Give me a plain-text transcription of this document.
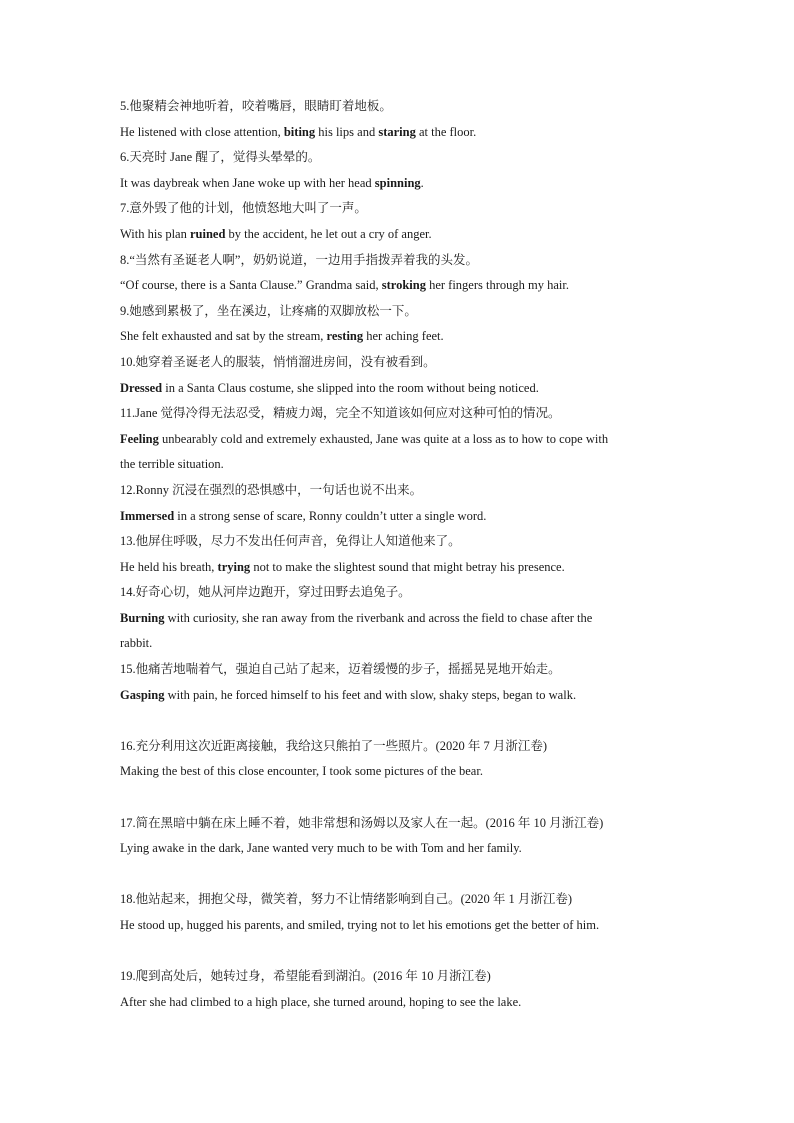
5.他聚精会神地听着，咬着嘴唇，眼睛盯着地板。
He listened with close attention, biting his lips and staring at the floor.
6.天亮时 Jane 醒了，觉得头晕晕的。
It was daybreak when Jane woke up with her head spinning.
7.意外毁了他的计划，他愤怒地大叫了一声。
With his plan ruined by the accident, he let out a cry of anger.
8.“当然有圣诞老人啊”，奶奶说道，一边用手指拨弄着我的头发。
“Of course, there is a Santa Clause.” Grandma said, stroking her fingers through my hair.
9.她感到累极了，坐在溪边，让疼痛的双脚放松一下。
She felt exhausted and sat by the stream, resting her aching feet.
10.她穿着圣诞老人的服装，悄悄溜进房间，没有被看到。
Dressed in a Santa Claus costume, she slipped into the room without being noticed.
11.Jane 觉得冷得无法忍受，精疲力竭，完全不知道该如何应对这种可怕的情况。
Feeling unbearably cold and extremely exhausted, Jane was quite at a loss as to how to cope with
the terrible situation.
12.Ronny 沉浸在强烈的恐惧感中，一句话也说不出来。
Immersed in a strong sense of scare, Ronny couldn’t utter a single word.
13.他屏住呼吸，尽力不发出任何声音，免得让人知道他来了。
He held his breath, trying not to make the slightest sound that might betray his presence.
14.好奇心切，她从河岸边跑开，穿过田野去追兔子。
Burning with curiosity, she ran away from the riverbank and across the field to chase after the
rabbit.
15.他痛苦地喘着气，强迫自己站了起来，迈着缓慢的步子，摇摇晃晃地开始走。
Gasping with pain, he forced himself to his feet and with slow, shaky steps, began to walk.
16.充分利用这次近距离接触，我给这只熊拍了一些照片。(2020 年 7 月浙江卷)
Making the best of this close encounter, I took some pictures of the bear.
17.简在黑暗中躺在床上睡不着，她非常想和汤姆以及家人在一起。(2016 年 10 月浙江卷)
Lying awake in the dark, Jane wanted very much to be with Tom and her family.
18.他站起来，拥抱父母，微笑着，努力不让情绪影响到自己。(2020 年 1 月浙江卷)
He stood up, hugged his parents, and smiled, trying not to let his emotions get the better of him.
19.爬到高处后，她转过身，希望能看到湖泊。(2016 年 10 月浙江卷)
After she had climbed to a high place, she turned around, hoping to see the lake.
